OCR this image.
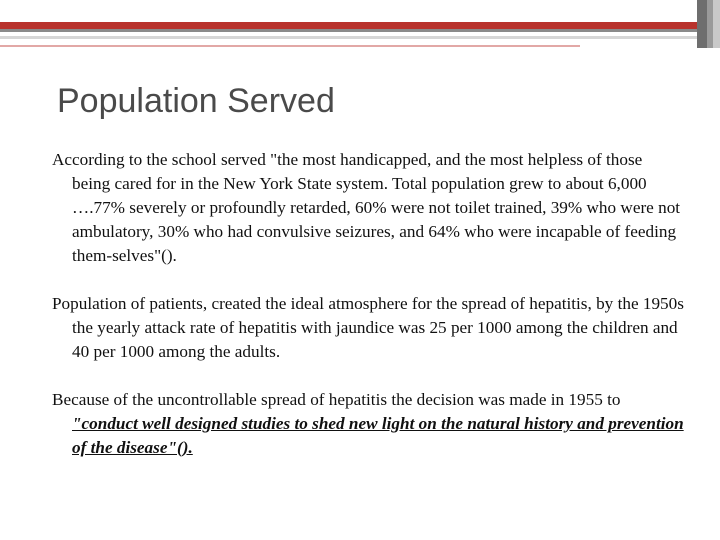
Population Served

According to the school served "the most handicapped, and the most helpless of those being cared for in the New York State system. Total population grew to about 6,000 ….77% severely or profoundly retarded, 60% were not toilet trained, 39% who were not ambulatory, 30% who had convulsive seizures, and 64% who were incapable of feeding them-selves"().

Population of patients, created the ideal atmosphere for the spread of hepatitis, by the 1950s the yearly attack rate of hepatitis with jaundice was 25 per 1000 among the children and 40 per 1000 among the adults.

Because of the uncontrollable spread of hepatitis the decision was made in 1955 to "conduct well designed studies to shed new light on the natural history and prevention of the disease"().
